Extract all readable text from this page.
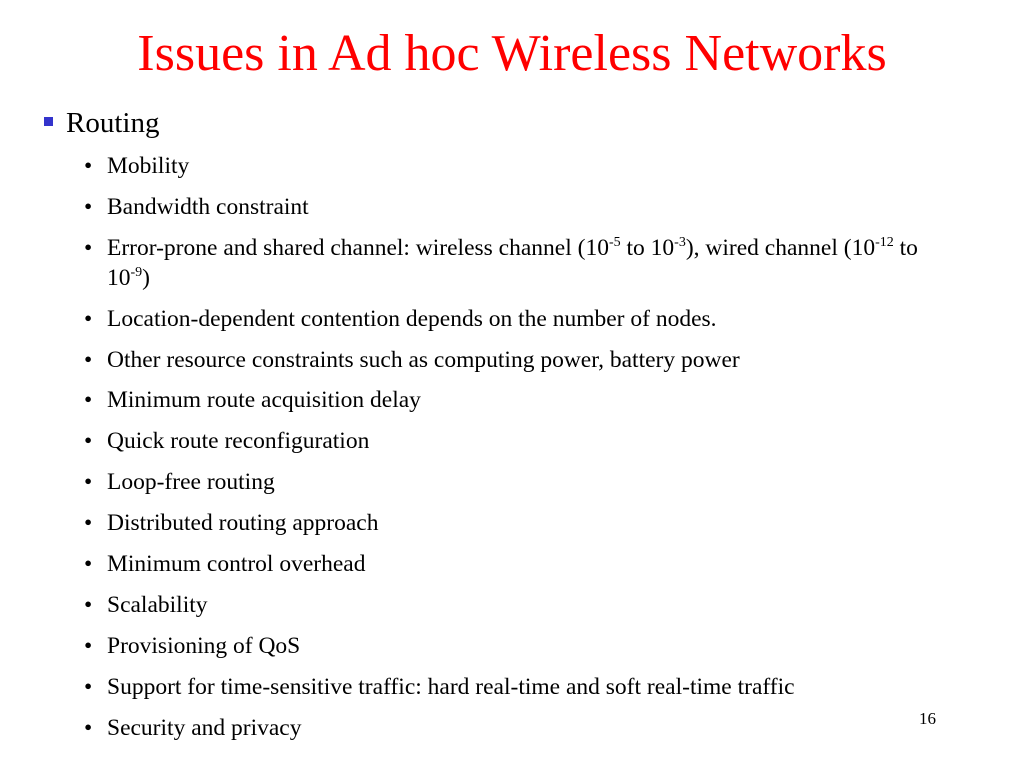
Issues in Ad hoc Wireless Networks
Routing
• Mobility
• Bandwidth constraint
• Error-prone and shared channel: wireless channel ($10^{-5}$ to $10^{-3}$), wired channel ($10^{-12}$ to $10^{-9}$)
• Location-dependent contention depends on the number of nodes.
• Other resource constraints such as computing power, battery power
• Minimum route acquisition delay
• Quick route reconfiguration
• Loop-free routing
• Distributed routing approach
• Minimum control overhead
• Scalability
• Provisioning of QoS
• Support for time-sensitive traffic: hard real-time and soft real-time traffic
• Security and privacy	16
